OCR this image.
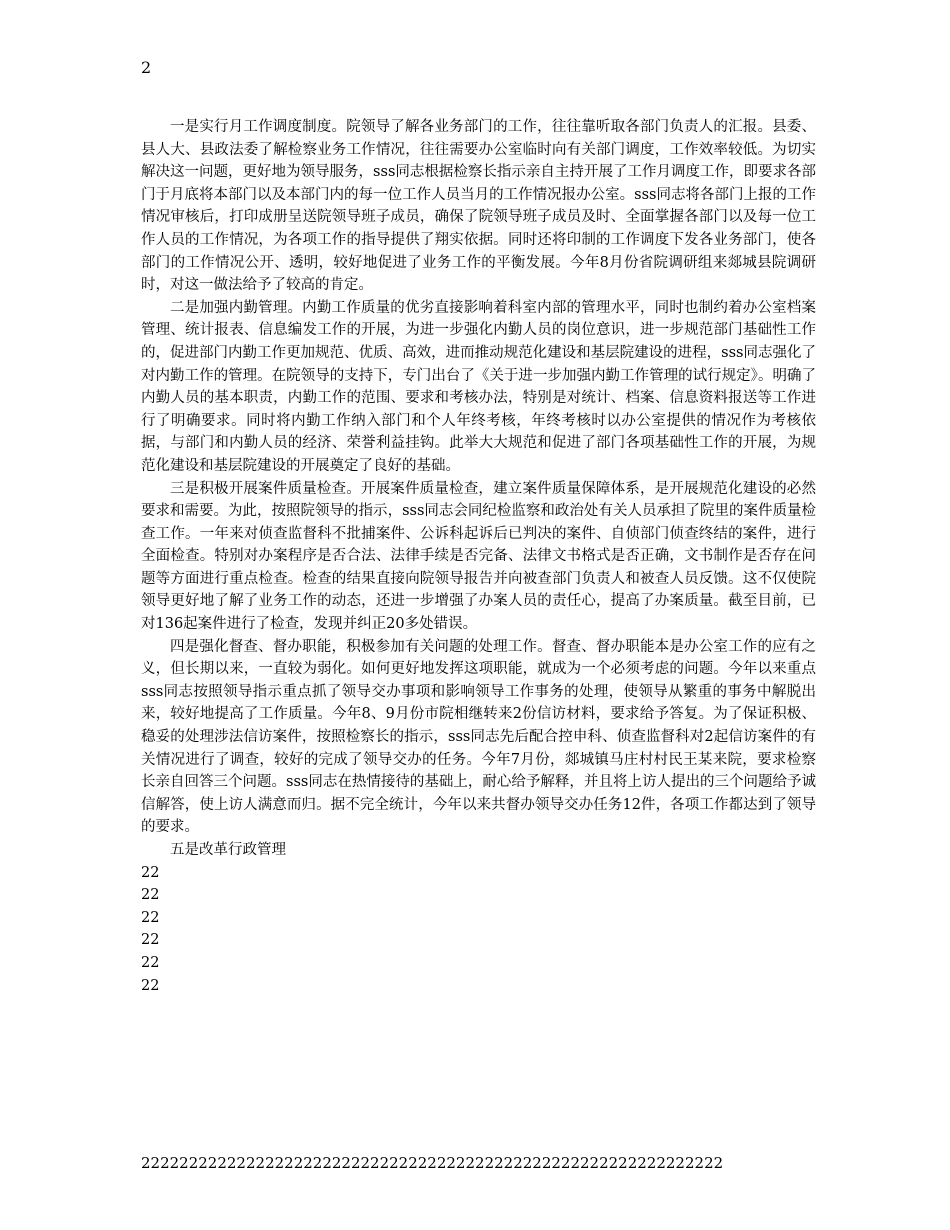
2

一是实行月工作调度制度。院领导了解各业务部门的工作，往往靠听取各部门负责人的汇报。县委、县人大、县政法委了解检察业务工作情况，往往需要办公室临时向有关部门调度，工作效率较低。为切实解决这一问题，更好地为领导服务，sss同志根据检察长指示亲自主持开展了工作月调度工作，即要求各部门于月底将本部门以及本部门内的每一位工作人员当月的工作情况报办公室。sss同志将各部门上报的工作情况审核后，打印成册呈送院领导班子成员，确保了院领导班子成员及时、全面掌握各部门以及每一位工作人员的工作情况，为各项工作的指导提供了翔实依据。同时还将印制的工作调度下发各业务部门，使各部门的工作情况公开、透明，较好地促进了业务工作的平衡发展。今年8月份省院调研组来郯城县院调研时，对这一做法给予了较高的肯定。

二是加强内勤管理。内勤工作质量的优劣直接影响着科室内部的管理水平，同时也制约着办公室档案管理、统计报表、信息编发工作的开展，为进一步强化内勤人员的岗位意识，进一步规范部门基础性工作的，促进部门内勤工作更加规范、优质、高效，进而推动规范化建设和基层院建设的进程，sss同志强化了对内勤工作的管理。在院领导的支持下，专门出台了《关于进一步加强内勤工作管理的试行规定》。明确了内勤人员的基本职责，内勤工作的范围、要求和考核办法，特别是对统计、档案、信息资料报送等工作进行了明确要求。同时将内勤工作纳入部门和个人年终考核，年终考核时以办公室提供的情况作为考核依据，与部门和内勤人员的经济、荣誉利益挂钩。此举大大规范和促进了部门各项基础性工作的开展，为规范化建设和基层院建设的开展奠定了良好的基础。

三是积极开展案件质量检查。开展案件质量检查，建立案件质量保障体系，是开展规范化建设的必然要求和需要。为此，按照院领导的指示，sss同志会同纪检监察和政治处有关人员承担了院里的案件质量检查工作。一年来对侦查监督科不批捕案件、公诉科起诉后已判决的案件、自侦部门侦查终结的案件，进行全面检查。特别对办案程序是否合法、法律手续是否完备、法律文书格式是否正确，文书制作是否存在问题等方面进行重点检查。检查的结果直接向院领导报告并向被查部门负责人和被查人员反馈。这不仅使院领导更好地了解了业务工作的动态，还进一步增强了办案人员的责任心，提高了办案质量。截至目前，已对136起案件进行了检查，发现并纠正20多处错误。

四是强化督查、督办职能，积极参加有关问题的处理工作。督查、督办职能本是办公室工作的应有之义，但长期以来，一直较为弱化。如何更好地发挥这项职能，就成为一个必须考虑的问题。今年以来重点sss同志按照领导指示重点抓了领导交办事项和影响领导工作事务的处理，使领导从繁重的事务中解脱出来，较好地提高了工作质量。今年8、9月份市院相继转来2份信访材料，要求给予答复。为了保证积极、稳妥的处理涉法信访案件，按照检察长的指示，sss同志先后配合控申科、侦查监督科对2起信访案件的有关情况进行了调查，较好的完成了领导交办的任务。今年7月份，郯城镇马庄村村民王某来院，要求检察长亲自回答三个问题。sss同志在热情接待的基础上，耐心给予解释，并且将上访人提出的三个问题给予诚信解答，使上访人满意而归。据不完全统计，今年以来共督办领导交办任务12件，各项工作都达到了领导的要求。

五是改革行政管理

22
22
22
22
22
22
2222222222222222222222222222222222222222222222222222222222222
